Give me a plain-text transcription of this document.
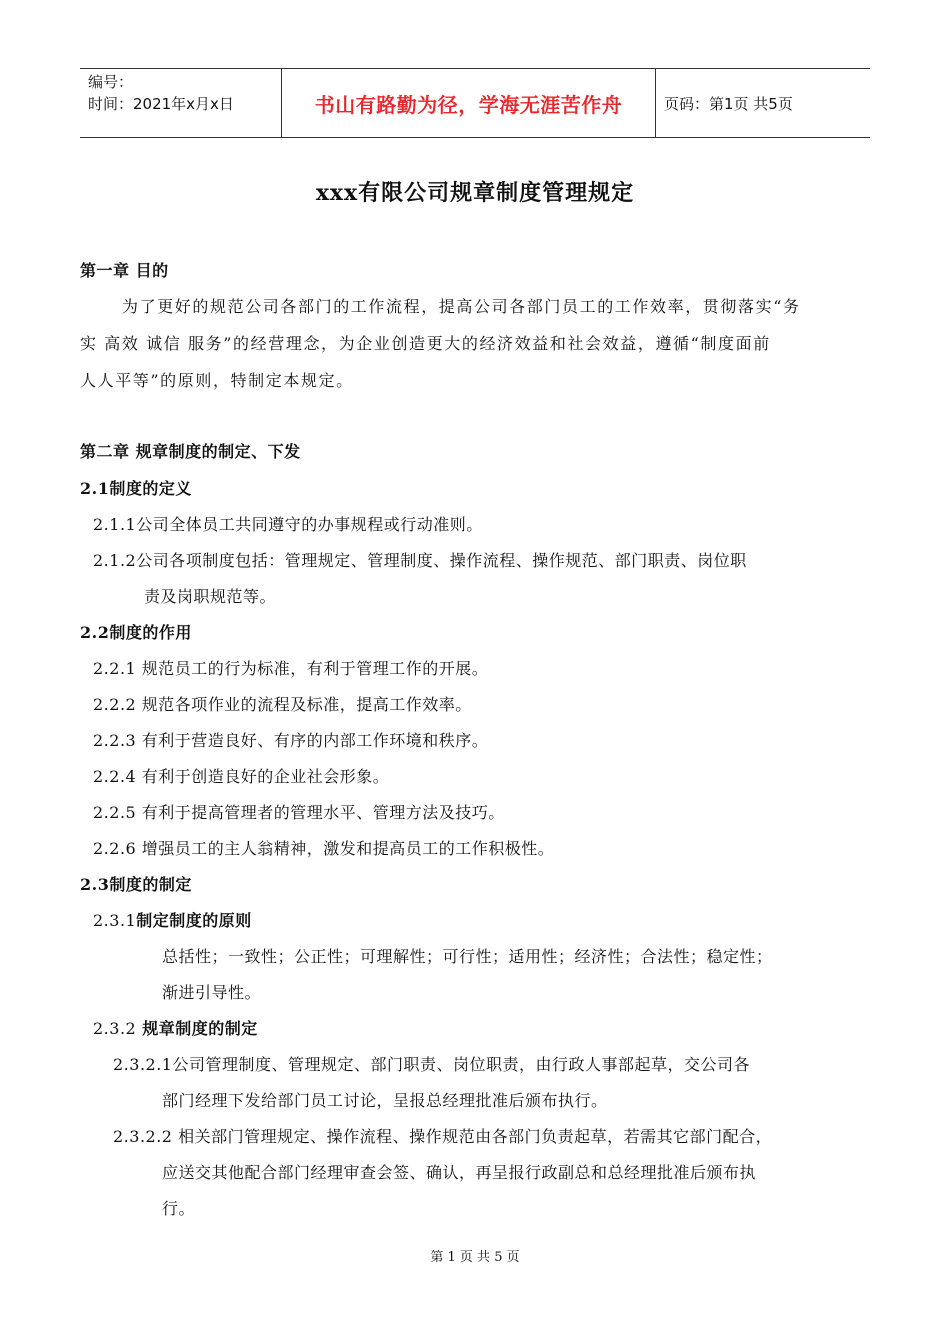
编号：
时间：2021年x月x日	书山有路勤为径，学海无涯苦作舟	页码：第1页 共5页
xxx有限公司规章制度管理规定
第一章 目的
为了更好的规范公司各部门的工作流程，提高公司各部门员工的工作效率，贯彻落实“务
实 高效 诚信 服务”的经营理念，为企业创造更大的经济效益和社会效益，遵循“制度面前
人人平等”的原则，特制定本规定。
第二章 规章制度的制定、下发
2.1制度的定义
2.1.1公司全体员工共同遵守的办事规程或行动准则。
2.1.2公司各项制度包括：管理规定、管理制度、操作流程、操作规范、部门职责、岗位职
责及岗职规范等。
2.2制度的作用
2.2.1 规范员工的行为标准，有利于管理工作的开展。
2.2.2 规范各项作业的流程及标准，提高工作效率。
2.2.3 有利于营造良好、有序的内部工作环境和秩序。
2.2.4 有利于创造良好的企业社会形象。
2.2.5 有利于提高管理者的管理水平、管理方法及技巧。
2.2.6 增强员工的主人翁精神，激发和提高员工的工作积极性。
2.3制度的制定
2.3.1制定制度的原则
总括性；一致性；公正性；可理解性；可行性；适用性；经济性；合法性；稳定性；
渐进引导性。
2.3.2 规章制度的制定
2.3.2.1公司管理制度、管理规定、部门职责、岗位职责，由行政人事部起草，交公司各
部门经理下发给部门员工讨论，呈报总经理批准后颁布执行。
2.3.2.2 相关部门管理规定、操作流程、操作规范由各部门负责起草，若需其它部门配合，
应送交其他配合部门经理审查会签、确认，再呈报行政副总和总经理批准后颁布执
行。
第 1 页 共 5 页
